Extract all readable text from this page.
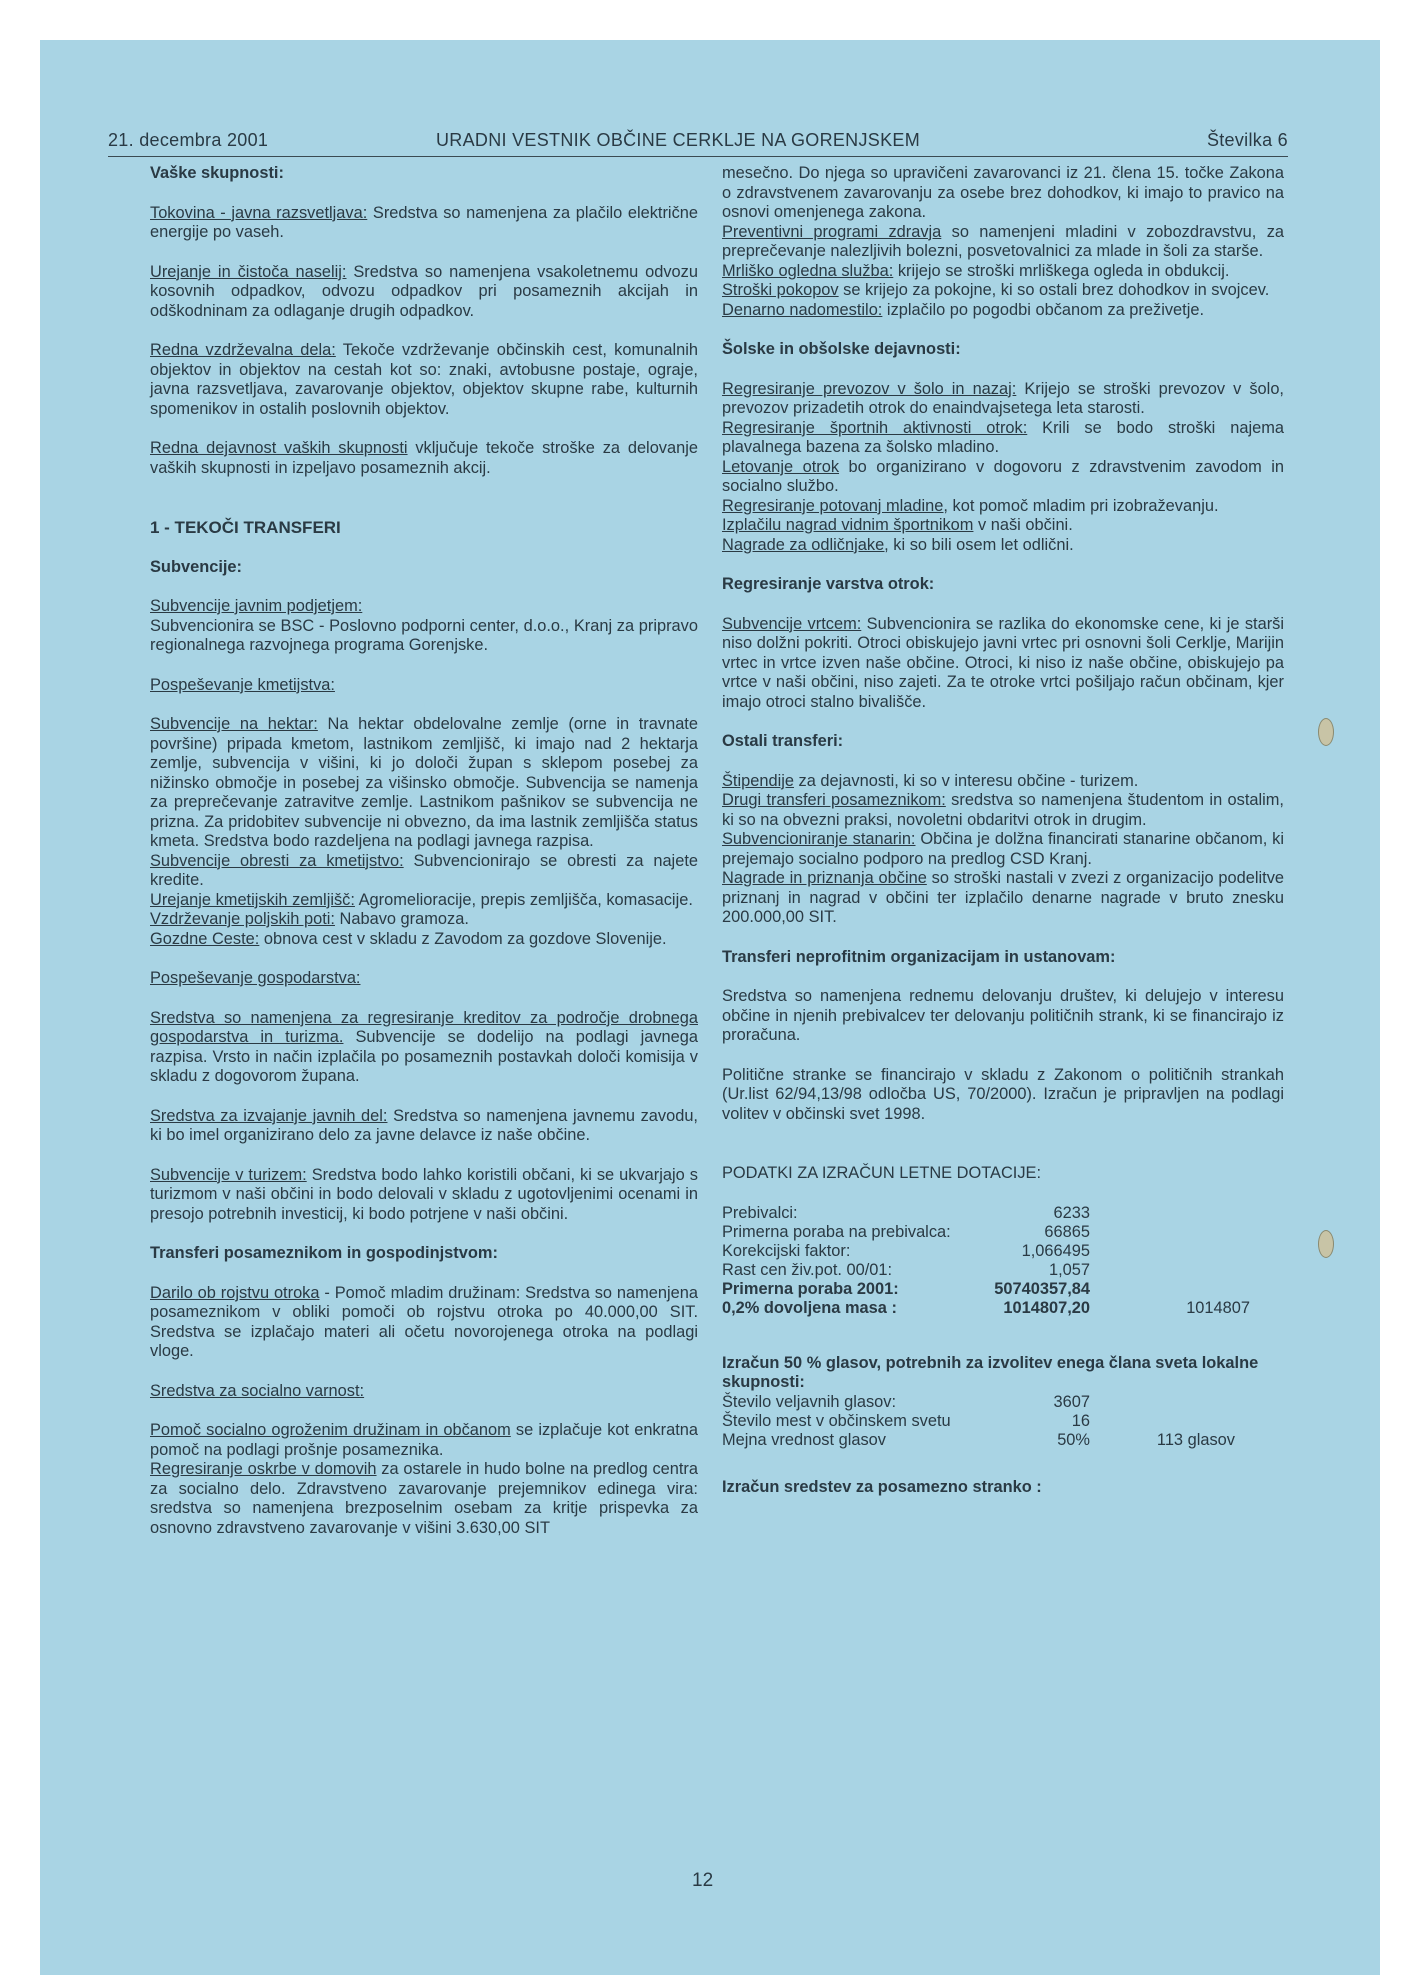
21. decembra 2001	URADNI VESTNIK OBČINE CERKLJE NA GORENJSKEM	Številka 6
Vaške skupnosti:

Tokovina - javna razsvetljava: Sredstva so namenjena za plačilo električne energije po vaseh.

Urejanje in čistoča naselij: Sredstva so namenjena vsakoletnemu odvozu kosovnih odpadkov, odvozu odpadkov pri posameznih akcijah in odškodninam za odlaganje drugih odpadkov.

Redna vzdrževalna dela: Tekoče vzdrževanje občinskih cest, komunalnih objektov in objektov na cestah kot so: znaki, avtobusne postaje, ograje, javna razsvetljava, zavarovanje objektov, objektov skupne rabe, kulturnih spomenikov in ostalih poslovnih objektov.

Redna dejavnost vaških skupnosti vključuje tekoče stroške za delovanje vaških skupnosti in izpeljavo posameznih akcij.

1 - TEKOČI TRANSFERI
Subvencije:

Subvencije javnim podjetjem:
Subvencionira se BSC - Poslovno podporni center, d.o.o., Kranj za pripravo regionalnega razvojnega programa Gorenjske.

Pospeševanje kmetijstva:

Subvencije na hektar: Na hektar obdelovalne zemlje (orne in travnate površine) pripada kmetom, lastnikom zemljišč, ki imajo nad 2 hektarja zemlje, subvencija v višini, ki jo določi župan s sklepom posebej za nižinsko območje in posebej za višinsko območje. Subvencija se namenja za preprečevanje zatravitve zemlje. Lastnikom pašnikov se subvencija ne prizna. Za pridobitev subvencije ni obvezno, da ima lastnik zemljišča status kmeta. Sredstva bodo razdeljena na podlagi javnega razpisa.

Subvencije obresti za kmetijstvo: Subvencionirajo se obresti za najete kredite.

Urejanje kmetijskih zemljišč: Agromelioracije, prepis zemljišča, komasacije.

Vzdrževanje poljskih poti: Nabavo gramoza.

Gozdne Ceste: obnova cest v skladu z Zavodom za gozdove Slovenije.

Pospeševanje gospodarstva:

Sredstva so namenjena za regresiranje kreditov za področje drobnega gospodarstva in turizma. Subvencije se dodelijo na podlagi javnega razpisa. Vrsto in način izplačila po posameznih postavkah določi komisija v skladu z dogovorom župana.

Sredstva za izvajanje javnih del: Sredstva so namenjena javnemu zavodu, ki bo imel organizirano delo za javne delavce iz naše občine.

Subvencije v turizem: Sredstva bodo lahko koristili občani, ki se ukvarjajo s turizmom v naši občini in bodo delovali v skladu z ugotovljenimi ocenami in presojo potrebnih investicij, ki bodo potrjene v naši občini.

Transferi posameznikom in gospodinjstvom:

Darilo ob rojstvu otroka - Pomoč mladim družinam: Sredstva so namenjena posameznikom v obliki pomoči ob rojstvu otroka po 40.000,00 SIT. Sredstva se izplačajo materi ali očetu novorojenega otroka na podlagi vloge.

Sredstva za socialno varnost:

Pomoč socialno ogroženim družinam in občanom se izplačuje kot enkratna pomoč na podlagi prošnje posameznika.

Regresiranje oskrbe v domovih za ostarele in hudo bolne na predlog centra za socialno delo. Zdravstveno zavarovanje prejemnikov edinega vira: sredstva so namenjena brezposelnim osebam za kritje prispevka za osnovno zdravstveno zavarovanje v višini 3.630,00 SIT

mesečno. Do njega so upravičeni zavarovanci iz 21. člena 15. točke Zakona o zdravstvenem zavarovanju za osebe brez dohodkov, ki imajo to pravico na osnovi omenjenega zakona.

Preventivni programi zdravja so namenjeni mladini v zobozdravstvu, za preprečevanje nalezljivih bolezni, posvetovalnici za mlade in šoli za starše.

Mrliško ogledna služba: krijejo se stroški mrliškega ogleda in obdukcij.

Stroški pokopov se krijejo za pokojne, ki so ostali brez dohodkov in svojcev.

Denarno nadomestilo: izplačilo po pogodbi občanom za preživetje.

Šolske in obšolske dejavnosti:

Regresiranje prevozov v šolo in nazaj: Krijejo se stroški prevozov v šolo, prevozov prizadetih otrok do enaindvajsetega leta starosti.

Regresiranje športnih aktivnosti otrok: Krili se bodo stroški najema plavalnega bazena za šolsko mladino.

Letovanje otrok bo organizirano v dogovoru z zdravstvenim zavodom in socialno službo.

Regresiranje potovanj mladine, kot pomoč mladim pri izobraževanju.

Izplačilu nagrad vidnim športnikom v naši občini.

Nagrade za odličnjake, ki so bili osem let odlični.

Regresiranje varstva otrok:

Subvencije vrtcem: Subvencionira se razlika do ekonomske cene, ki je starši niso dolžni pokriti. Otroci obiskujejo javni vrtec pri osnovni šoli Cerklje, Marijin vrtec in vrtce izven naše občine. Otroci, ki niso iz naše občine, obiskujejo pa vrtce v naši občini, niso zajeti. Za te otroke vrtci pošiljajo račun občinam, kjer imajo otroci stalno bivališče.

Ostali transferi:

Štipendije za dejavnosti, ki so v interesu občine - turizem.

Drugi transferi posameznikom: sredstva so namenjena študentom in ostalim, ki so na obvezni praksi, novoletni obdaritvi otrok in drugim.

Subvencioniranje stanarin: Občina je dolžna financirati stanarine občanom, ki prejemajo socialno podporo na predlog CSD Kranj.

Nagrade in priznanja občine so stroški nastali v zvezi z organizacijo podelitve priznanj in nagrad v občini ter izplačilo denarne nagrade v bruto znesku 200.000,00 SIT.

Transferi neprofitnim organizacijam in ustanovam:

Sredstva so namenjena rednemu delovanju društev, ki delujejo v interesu občine in njenih prebivalcev ter delovanju političnih strank, ki se financirajo iz proračuna.

Politične stranke se financirajo v skladu z Zakonom o političnih strankah (Ur.list 62/94,13/98 odločba US, 70/2000). Izračun je pripravljen na podlagi volitev v občinski svet 1998.

PODATKI ZA IZRAČUN LETNE DOTACIJE:

Prebivalci:	6233	
Primerna poraba na prebivalca:	66865	
Korekcijski faktor:	1,066495	
Rast cen živ.pot. 00/01:	1,057	
Primerna poraba 2001:	50740357,84	
0,2% dovoljena masa :	1014807,20	1014807
Izračun 50 % glasov, potrebnih za izvolitev enega člana sveta lokalne skupnosti:
Število veljavnih glasov:	3607	
Število mest v občinskem svetu	16	
Mejna vrednost glasov	50%	113 glasov
Izračun sredstev za posamezno stranko :
12
